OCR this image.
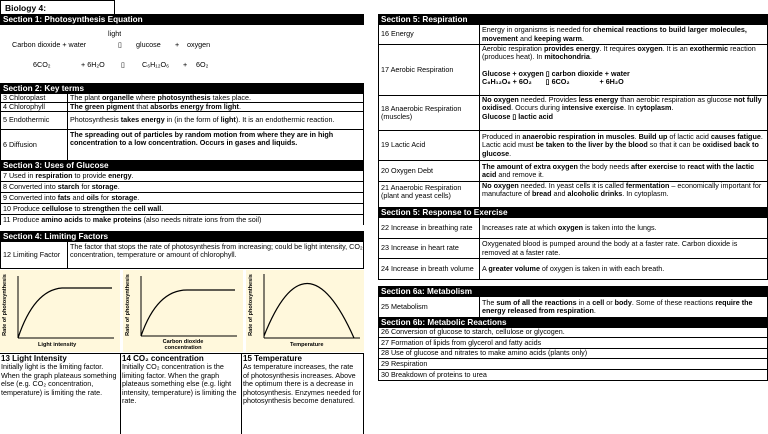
Biology 4:
Section 1: Photosynthesis Equation
light
Carbon dioxide + water	▯ glucose + oxygen
6CO₂	+ 6H₂O ▯ C₆H₁₂O₆ + 6O₂
Section 2: Key terms
3 Chloroplast	The plant organelle where photosynthesis takes place.
4 Chlorophyll	The green pigment that absorbs energy from light.
5 Endothermic	Photosynthesis takes energy in (in the form of light). It is an endothermic reaction.
6 Diffusion
The spreading out of particles by random motion from where they are in high concentration to a low concentration. Occurs in gases and liquids.
Section 3: Uses of Glucose
7 Used in respiration to provide energy.
8 Converted into starch for storage.
9 Converted into fats and oils for storage.
10 Produce cellulose to strengthen the cell wall.
11 Produce amino acids to make proteins (also needs nitrate ions from the soil)
Section 4: Limiting Factors
12 Limiting Factor
The factor that stops the rate of photosynthesis from increasing; could be light intensity, CO₂ concentration, temperature or amount of chlorophyll.
Rate of photosynthesis
Light intensity
Rate of photosynthesis
Carbon dioxide concentration
Rate of photosynthesis
Temperature
13 Light Intensity
Initially light is the limiting factor. When the graph plateaus something else (e.g. CO₂ concentration, temperature) is limiting the rate.
14 CO₂ concentration
Initially CO₂ concentration is the limiting factor. When the graph plateaus something else (e.g. light intensity, temperature) is limiting the rate.
15 Temperature
As temperature increases, the rate of photosynthesis increases. Above the optimum there is a decrease in photosynthesis. Enzymes needed for photosynthesis become denatured.
Section 5: Respiration
16 Energy	Energy in organisms is needed for chemical reactions to build larger molecules, movement and keeping warm.
17 Aerobic Respiration
Aerobic respiration provides energy. It requires oxygen. It is an exothermic reaction (produces heat). In mitochondria.
Glucose + oxygen ▯ carbon dioxide + water
C₆H₁₂O₆ + 6O₂       ▯ 6CO₂               + 6H₂O
18 Anaerobic Respiration (muscles)
No oxygen needed. Provides less energy than aerobic respiration as glucose not fully oxidised. Occurs during intensive exercise. In cytoplasm.
Glucose ▯ lactic acid
19 Lactic Acid
Produced in anaerobic respiration in muscles. Build up of lactic acid causes fatigue. Lactic acid must be taken to the liver by the blood so that it can be oxidised back to glucose.
20 Oxygen Debt	The amount of extra oxygen the body needs after exercise to react with the lactic acid and remove it.
21 Anaerobic Respiration (plant and yeast cells)
No oxygen needed. In yeast cells it is called fermentation – economically important for manufacture of bread and alcoholic drinks. In cytoplasm.
Section 5: Response to Exercise
22 Increase in breathing rate	Increases rate at which oxygen is taken into the lungs.
23 Increase in heart rate	Oxygenated blood is pumped around the body at a faster rate. Carbon dioxide is removed at a faster rate.
24 Increase in breath volume	A greater volume of oxygen is taken in with each breath.
Section 6a: Metabolism
25 Metabolism	The sum of all the reactions in a cell or body. Some of these reactions require the energy released from respiration.
Section 6b: Metabolic Reactions
26 Conversion of glucose to starch, cellulose or glycogen.
27 Formation of lipids from glycerol and fatty acids
28 Use of glucose and nitrates to make amino acids (plants only)
29 Respiration
30 Breakdown of proteins to urea
